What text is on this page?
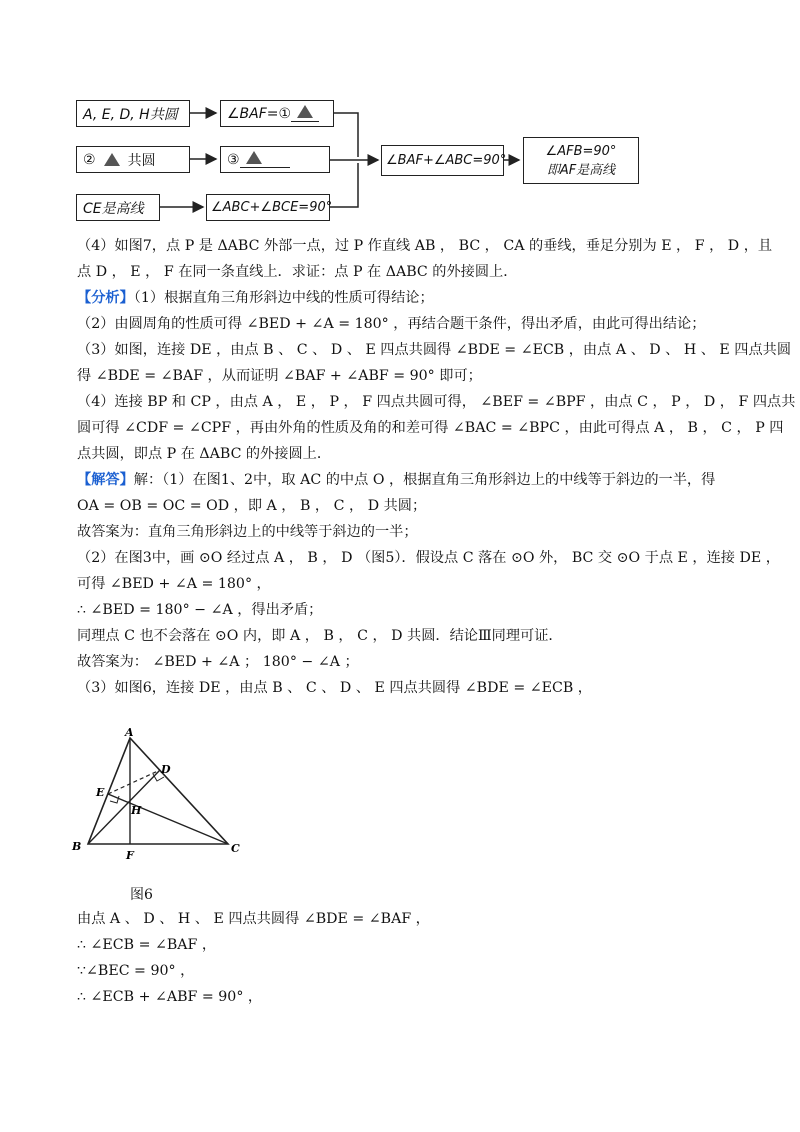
A, E, D, H共圆	∠BAF=①
② 共圆	③

CE是高线	∠ABC+∠BCE=90°
∠BAF+∠ABC=90°
∠AFB=90°
即AF是高线

（4）如图7，点 P 是 ΔABC 外部一点，过 P 作直线 AB ， BC ， CA 的垂线，垂足分别为 E ， F ， D ，且

点 D ， E ， F 在同一条直线上．求证：点 P 在 ΔABC 的外接圆上．

【分析】（1）根据直角三角形斜边中线的性质可得结论；

（2）由圆周角的性质可得 ∠BED + ∠A = 180° ，再结合题干条件，得出矛盾，由此可得出结论；

（3）如图，连接 DE ，由点 B 、 C 、 D 、 E 四点共圆得 ∠BDE = ∠ECB ，由点 A 、 D 、 H 、 E 四点共圆

得 ∠BDE = ∠BAF ，从而证明 ∠BAF + ∠ABF = 90° 即可；

（4）连接 BP 和 CP ，由点 A ， E ， P ， F 四点共圆可得， ∠BEF = ∠BPF ，由点 C ， P ， D ， F 四点共

圆可得 ∠CDF = ∠CPF ，再由外角的性质及角的和差可得 ∠BAC = ∠BPC ，由此可得点 A ， B ， C ， P 四

点共圆，即点 P 在 ΔABC 的外接圆上．

【解答】解：（1）在图1、2中，取 AC 的中点 O ，根据直角三角形斜边上的中线等于斜边的一半，得

OA = OB = OC = OD ，即 A ， B ， C ， D 共圆；

故答案为：直角三角形斜边上的中线等于斜边的一半；

（2）在图3中，画 ⊙O 经过点 A ， B ， D （图5）．假设点 C 落在 ⊙O 外， BC 交 ⊙O 于点 E ，连接 DE ，

可得 ∠BED + ∠A = 180° ，

∴ ∠BED = 180° − ∠A ，得出矛盾；

同理点 C 也不会落在 ⊙O 内，即 A ， B ， C ， D 共圆．结论Ⅲ同理可证．

故答案为： ∠BED + ∠A ； 180° − ∠A ；

（3）如图6，连接 DE ，由点 B 、 C 、 D 、 E 四点共圆得 ∠BDE = ∠ECB ，

A
B	C
D
E
F
H
图6

由点 A 、 D 、 H 、 E 四点共圆得 ∠BDE = ∠BAF ，

∴ ∠ECB = ∠BAF ，

∵∠BEC = 90° ，

∴ ∠ECB + ∠ABF = 90° ，
